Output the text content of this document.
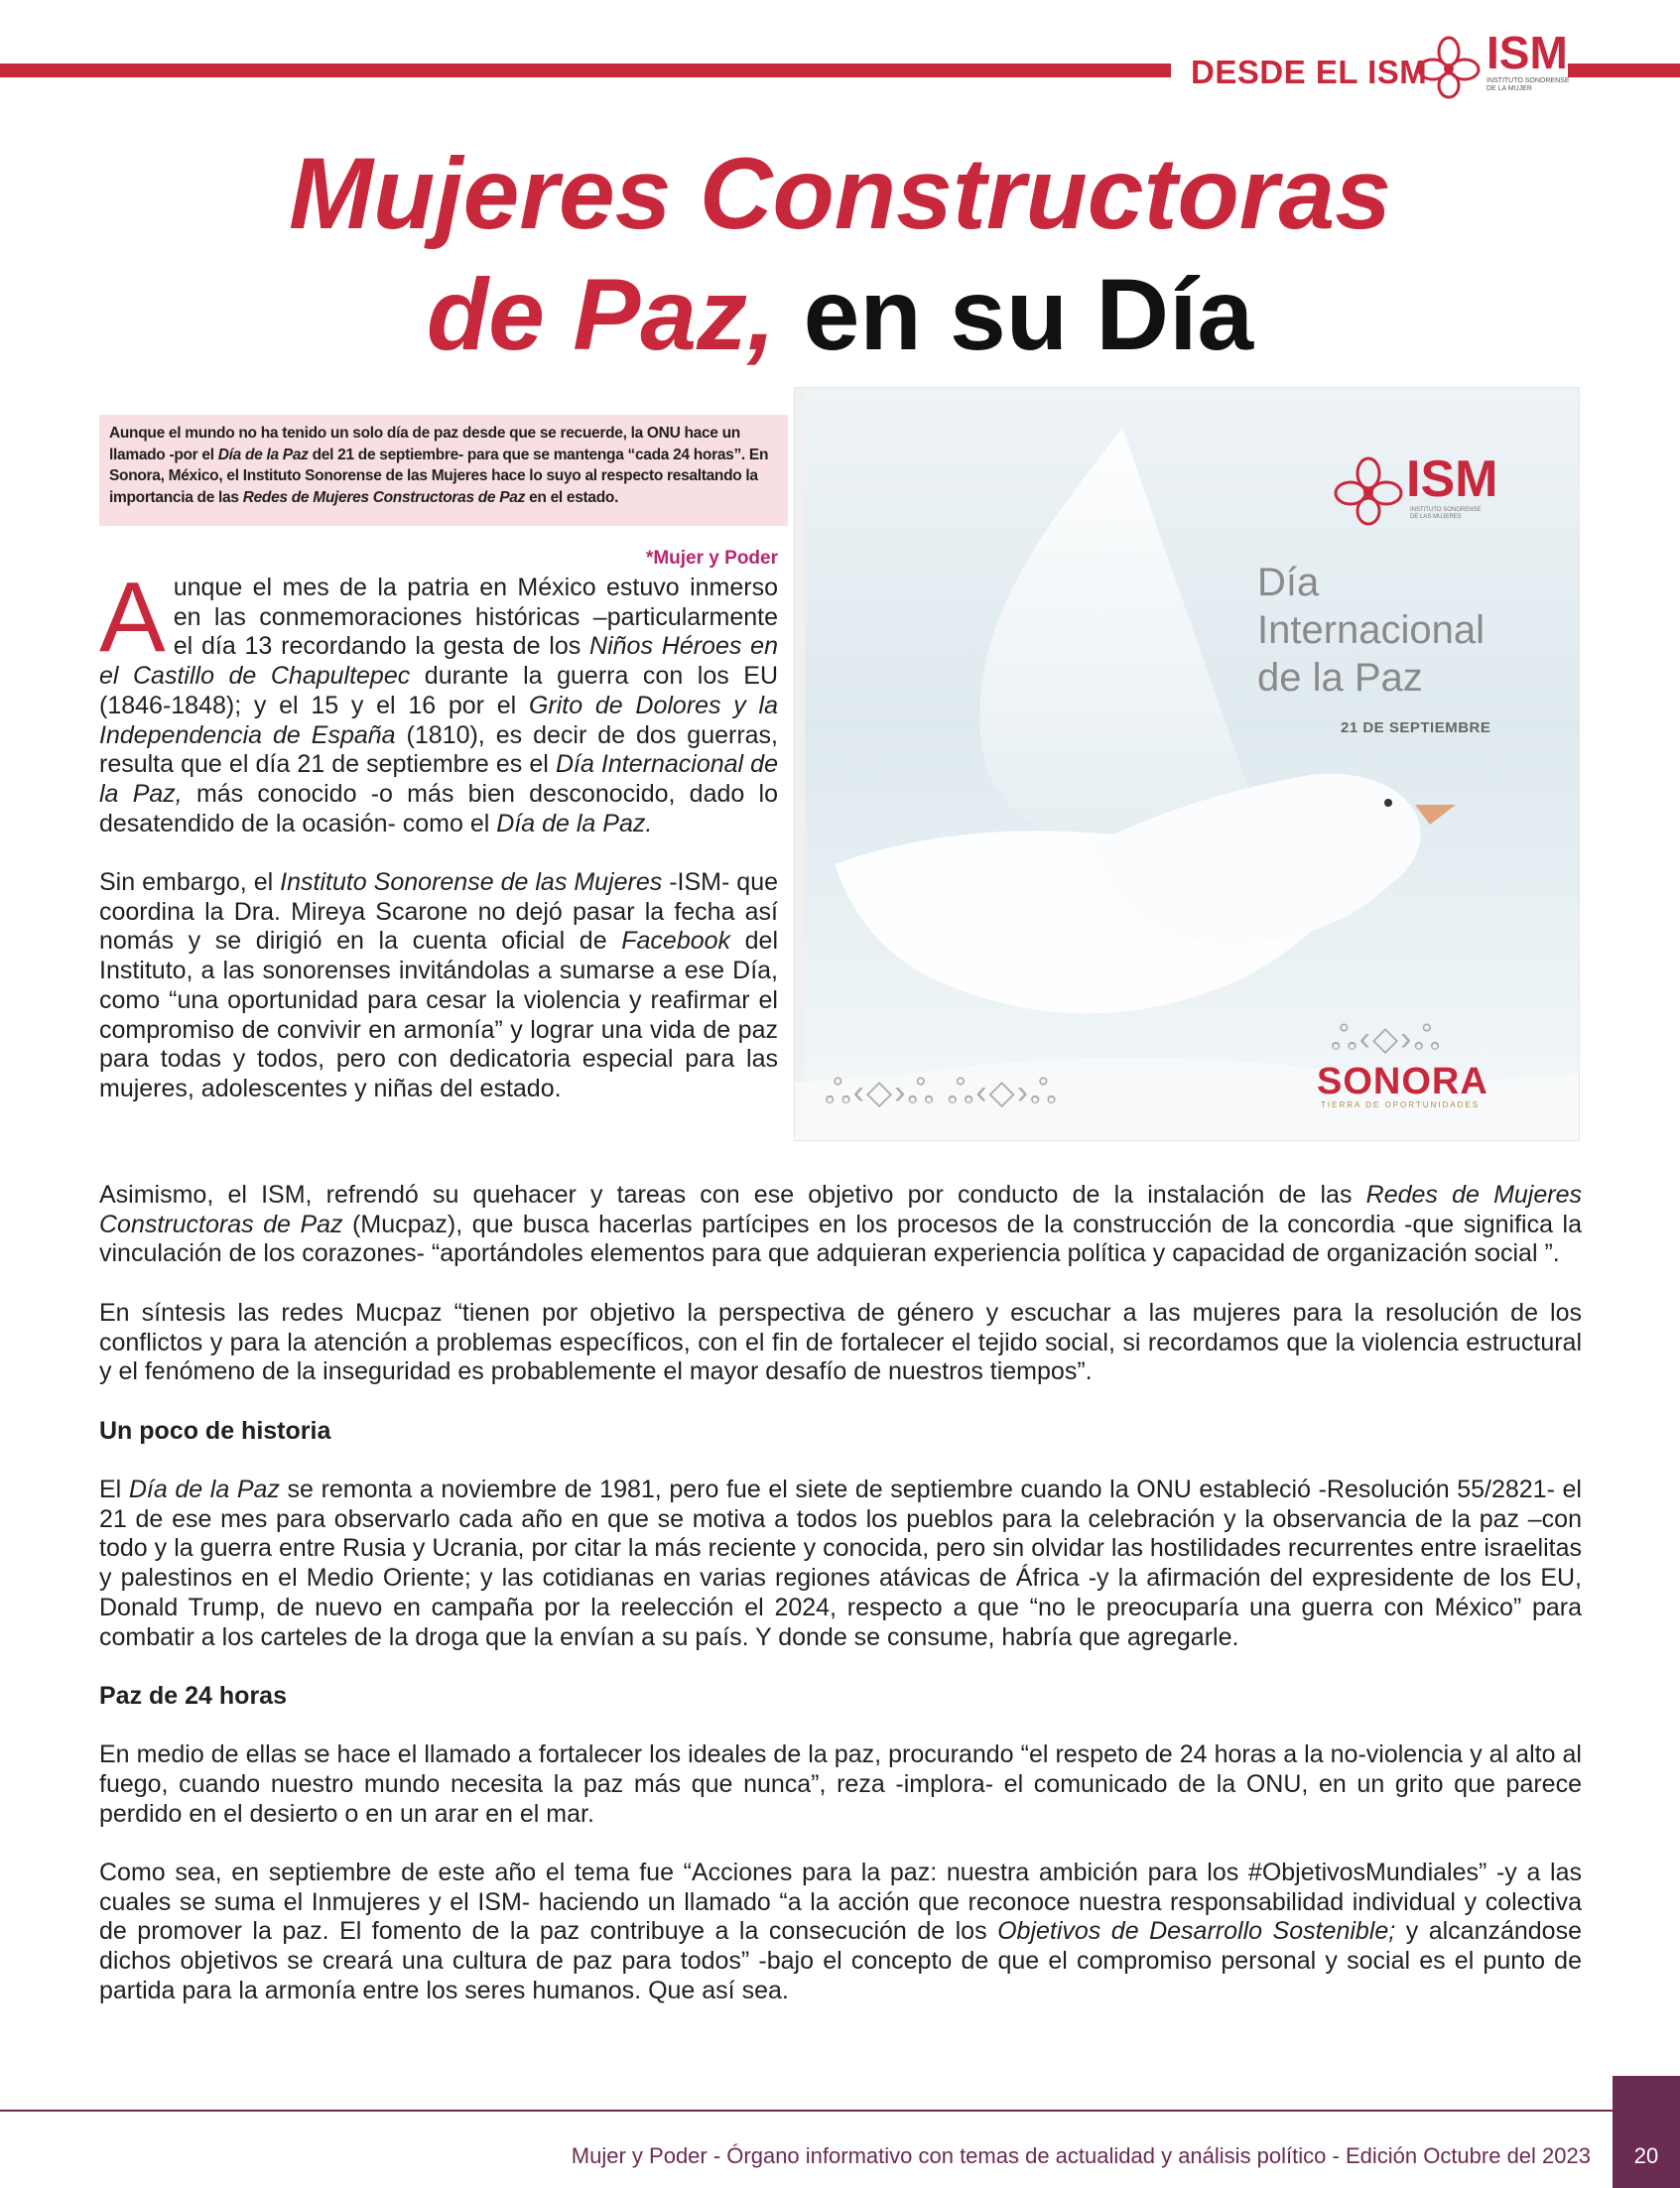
DESDE EL ISM ISM
INSTITUTO SONORENSE DE LA MUJER
Mujeres Constructoras
de Paz, en su Día
Aunque el mundo no ha tenido un solo día de paz desde que se recuerde, la ONU hace un llamado -por el Día de la Paz del 21 de septiembre- para que se mantenga “cada 24 horas”. En Sonora, México, el Instituto Sonorense de las Mujeres hace lo suyo al respecto resaltando la importancia de las Redes de Mujeres Constructoras de Paz en el estado.
*Mujer y Poder

Aunque el mes de la patria en México estuvo inmerso en las conmemoraciones históricas –particularmente el día 13 recordando la gesta de los Niños Héroes en el Castillo de Chapultepec durante la guerra con los EU (1846-1848); y el 15 y el 16 por el Grito de Dolores y la Independencia de España (1810), es decir de dos guerras, resulta que el día 21 de septiembre es el Día Internacional de la Paz, más conocido -o más bien desconocido, dado lo desatendido de la ocasión- como el Día de la Paz.

Sin embargo, el Instituto Sonorense de las Mujeres -ISM- que coordina la Dra. Mireya Scarone no dejó pasar la fecha así nomás y se dirigió en la cuenta oficial de Facebook del Instituto, a las sonorenses invitándolas a sumarse a ese Día, como “una oportunidad para cesar la violencia y reafirmar el compromiso de convivir en armonía” y lograr una vida de paz para todas y todos, pero con dedicatoria especial para las mujeres, adolescentes y niñas del estado.

ISM
INSTITUTO SONORENSE DE LAS MUJERES
Día
Internacional
de la Paz
21 DE SEPTIEMBRE
ஃ‹◇›ஃ ஃ‹◇›ஃ
ஃ‹◇›ஃ
SONORA
TIERRA DE OPORTUNIDADES

Asimismo, el ISM, refrendó su quehacer y tareas con ese objetivo por conducto de la instalación de las Redes de Mujeres Constructoras de Paz (Mucpaz), que busca hacerlas partícipes en los procesos de la construcción de la concordia -que significa la vinculación de los corazones- “aportándoles elementos para que adquieran experiencia política y capacidad de organización social ”.

En síntesis las redes Mucpaz “tienen por objetivo la perspectiva de género y escuchar a las mujeres para la resolución de los conflictos y para la atención a problemas específicos, con el fin de fortalecer el tejido social, si recordamos que la violencia estructural y el fenómeno de la inseguridad es probablemente el mayor desafío de nuestros tiempos”.

Un poco de historia

El Día de la Paz se remonta a noviembre de 1981, pero fue el siete de septiembre cuando la ONU estableció -Resolución 55/2821- el 21 de ese mes para observarlo cada año en que se motiva a todos los pueblos para la celebración y la observancia de la paz –con todo y la guerra entre Rusia y Ucrania, por citar la más reciente y conocida, pero sin olvidar las hostilidades recurrentes entre israelitas y palestinos en el Medio Oriente; y las cotidianas en varias regiones atávicas de África -y la afirmación del expresidente de los EU, Donald Trump, de nuevo en campaña por la reelección el 2024, respecto a que “no le preocuparía una guerra con México” para combatir a los carteles de la droga que la envían a su país. Y donde se consume, habría que agregarle.

Paz de 24 horas

En medio de ellas se hace el llamado a fortalecer los ideales de la paz, procurando “el respeto de 24 horas a la no-violencia y al alto al fuego, cuando nuestro mundo necesita la paz más que nunca”, reza -implora- el comunicado de la ONU, en un grito que parece perdido en el desierto o en un arar en el mar.

Como sea, en septiembre de este año el tema fue “Acciones para la paz: nuestra ambición para los #ObjetivosMundiales” -y a las cuales se suma el Inmujeres y el ISM- haciendo un llamado “a la acción que reconoce nuestra responsabilidad individual y colectiva de promover la paz. El fomento de la paz contribuye a la consecución de los Objetivos de Desarrollo Sostenible; y alcanzándose dichos objetivos se creará una cultura de paz para todos” -bajo el concepto de que el compromiso personal y social es el punto de partida para la armonía entre los seres humanos. Que así sea.

Mujer y Poder - Órgano informativo con temas de actualidad y análisis político - Edición Octubre del 2023	20
